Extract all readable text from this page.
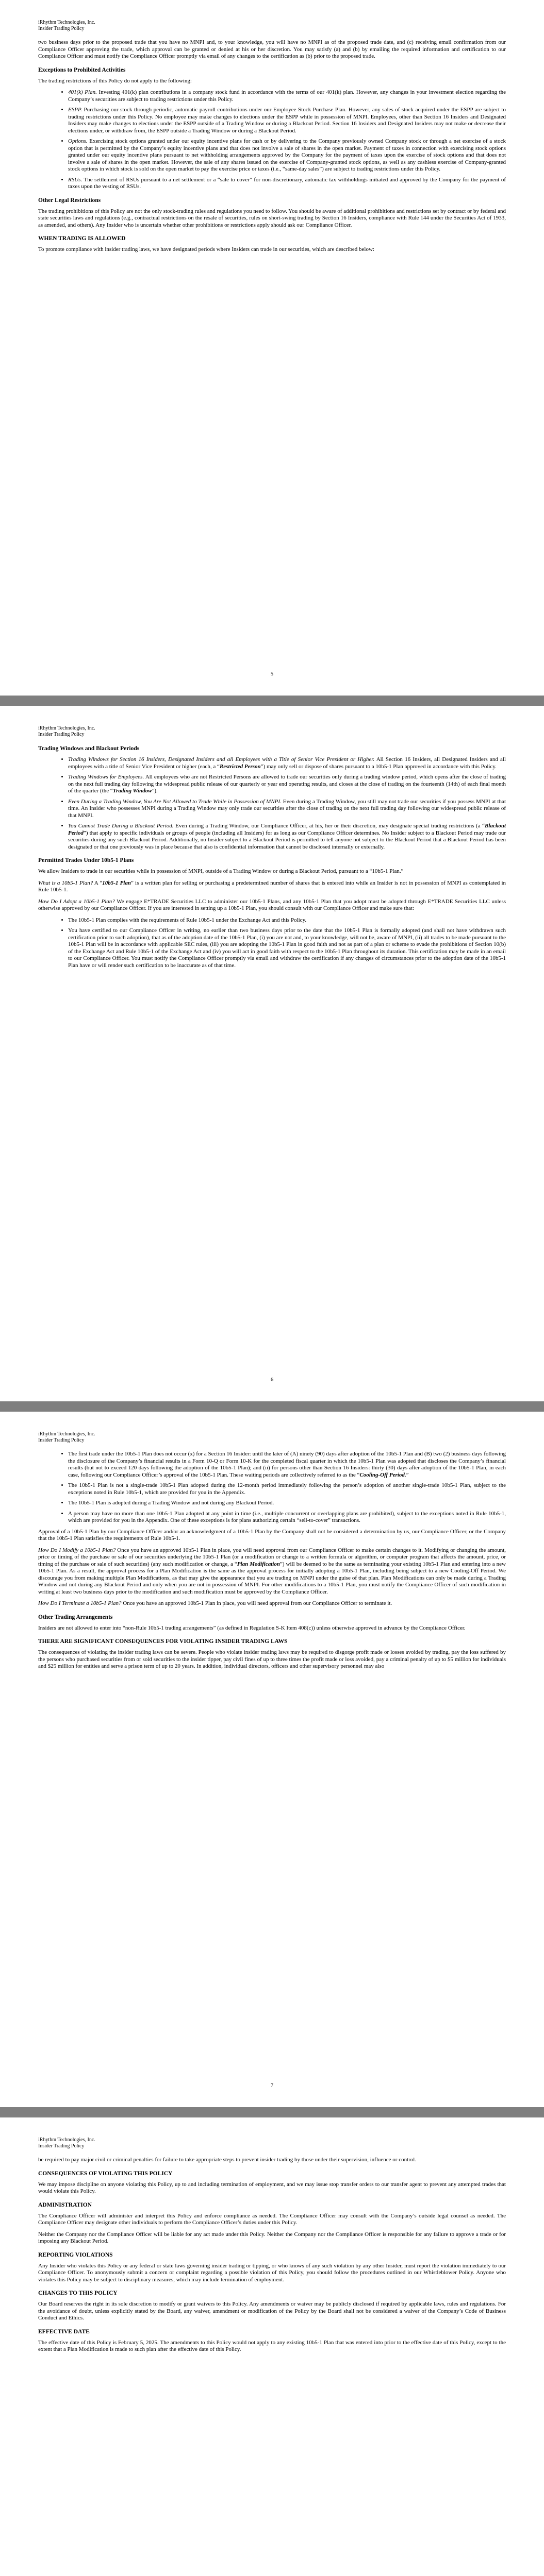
iRhythm Technologies, Inc.
Insider Trading Policy

two business days prior to the proposed trade that you have no MNPI and, to your knowledge, you will have no MNPI as of the proposed trade date, and (c) receiving email confirmation from our Compliance Officer approving the trade, which approval can be granted or denied at his or her discretion. You may satisfy (a) and (b) by emailing the required information and certification to our Compliance Officer and must notify the Compliance Officer promptly via email of any changes to the certification as (b) prior to the proposed trade.

Exceptions to Prohibited Activities

The trading restrictions of this Policy do not apply to the following:

• 401(k) Plan. Investing 401(k) plan contributions in a company stock fund in accordance with the terms of our 401(k) plan. However, any changes in your investment election regarding the Company’s securities are subject to trading restrictions under this Policy.
• ESPP. Purchasing our stock through periodic, automatic payroll contributions under our Employee Stock Purchase Plan. However, any sales of stock acquired under the ESPP are subject to trading restrictions under this Policy. No employee may make changes to elections under the ESPP while in possession of MNPI. Employees, other than Section 16 Insiders and Designated Insiders may make changes to elections under the ESPP outside of a Trading Window or during a Blackout Period. Section 16 Insiders and Designated Insiders may not make or decrease their elections under, or withdraw from, the ESPP outside a Trading Window or during a Blackout Period.
• Options. Exercising stock options granted under our equity incentive plans for cash or by delivering to the Company previously owned Company stock or through a net exercise of a stock option that is permitted by the Company’s equity incentive plans and that does not involve a sale of shares in the open market. Payment of taxes in connection with exercising stock options granted under our equity incentive plans pursuant to net withholding arrangements approved by the Company for the payment of taxes upon the exercise of stock options and that does not involve a sale of shares in the open market. However, the sale of any shares issued on the exercise of Company-granted stock options, as well as any cashless exercise of Company-granted stock options in which stock is sold on the open market to pay the exercise price or taxes (i.e., “same-day sales”) are subject to trading restrictions under this Policy.
• RSUs. The settlement of RSUs pursuant to a net settlement or a “sale to cover” for non-discretionary, automatic tax withholdings initiated and approved by the Company for the payment of taxes upon the vesting of RSUs.
Other Legal Restrictions

The trading prohibitions of this Policy are not the only stock-trading rules and regulations you need to follow. You should be aware of additional prohibitions and restrictions set by contract or by federal and state securities laws and regulations (e.g., contractual restrictions on the resale of securities, rules on short-swing trading by Section 16 Insiders, compliance with Rule 144 under the Securities Act of 1933, as amended, and others). Any Insider who is uncertain whether other prohibitions or restrictions apply should ask our Compliance Officer.

WHEN TRADING IS ALLOWED

To promote compliance with insider trading laws, we have designated periods where Insiders can trade in our securities, which are described below:

5
iRhythm Technologies, Inc.
Insider Trading Policy
Trading Windows and Blackout Periods
• Trading Windows for Section 16 Insiders, Designated Insiders and all Employees with a Title of Senior Vice President or Higher. All Section 16 Insiders, all Designated Insiders and all employees with a title of Senior Vice President or higher (each, a “Restricted Person”) may only sell or dispose of shares pursuant to a 10b5-1 Plan approved in accordance with this Policy.
• Trading Windows for Employees. All employees who are not Restricted Persons are allowed to trade our securities only during a trading window period, which opens after the close of trading on the next full trading day following the widespread public release of our quarterly or year end operating results, and closes at the close of trading on the fourteenth (14th) of each final month of the quarter (the “Trading Window”).
• Even During a Trading Window, You Are Not Allowed to Trade While in Possession of MNPI. Even during a Trading Window, you still may not trade our securities if you possess MNPI at that time. An Insider who possesses MNPI during a Trading Window may only trade our securities after the close of trading on the next full trading day following our widespread public release of that MNPI.
• You Cannot Trade During a Blackout Period. Even during a Trading Window, our Compliance Officer, at his, her or their discretion, may designate special trading restrictions (a “Blackout Period”) that apply to specific individuals or groups of people (including all Insiders) for as long as our Compliance Officer determines. No Insider subject to a Blackout Period may trade our securities during any such Blackout Period. Additionally, no Insider subject to a Blackout Period is permitted to tell anyone not subject to the Blackout Period that a Blackout Period has been designated or that one previously was in place because that also is confidential information that cannot be disclosed internally or externally.
Permitted Trades Under 10b5-1 Plans

We allow Insiders to trade in our securities while in possession of MNPI, outside of a Trading Window or during a Blackout Period, pursuant to a “10b5-1 Plan.”

What is a 10b5-1 Plan? A “10b5-1 Plan” is a written plan for selling or purchasing a predetermined number of shares that is entered into while an Insider is not in possession of MNPI as contemplated in Rule 10b5-1.

How Do I Adopt a 10b5-1 Plan? We engage E*TRADE Securities LLC to administer our 10b5-1 Plans, and any 10b5-1 Plan that you adopt must be adopted through E*TRADE Securities LLC unless otherwise approved by our Compliance Officer. If you are interested in setting up a 10b5-1 Plan, you should consult with our Compliance Officer and make sure that:

• The 10b5-1 Plan complies with the requirements of Rule 10b5-1 under the Exchange Act and this Policy.
• You have certified to our Compliance Officer in writing, no earlier than two business days prior to the date that the 10b5-1 Plan is formally adopted (and shall not have withdrawn such certification prior to such adoption), that as of the adoption date of the 10b5-1 Plan, (i) you are not and, to your knowledge, will not be, aware of MNPI, (ii) all trades to be made pursuant to the 10b5-1 Plan will be in accordance with applicable SEC rules, (iii) you are adopting the 10b5-1 Plan in good faith and not as part of a plan or scheme to evade the prohibitions of Section 10(b) of the Exchange Act and Rule 10b5-1 of the Exchange Act and (iv) you will act in good faith with respect to the 10b5-1 Plan throughout its duration. This certification may be made in an email to our Compliance Officer. You must notify the Compliance Officer promptly via email and withdraw the certification if any changes of circumstances prior to the adoption date of the 10b5-1 Plan have or will render such certification to be inaccurate as of that time.
6
iRhythm Technologies, Inc.
Insider Trading Policy
• The first trade under the 10b5-1 Plan does not occur (x) for a Section 16 Insider: until the later of (A) ninety (90) days after adoption of the 10b5-1 Plan and (B) two (2) business days following the disclosure of the Company’s financial results in a Form 10-Q or Form 10-K for the completed fiscal quarter in which the 10b5-1 Plan was adopted that discloses the Company’s financial results (but not to exceed 120 days following the adoption of the 10b5-1 Plan); and (ii) for persons other than Section 16 Insiders: thirty (30) days after adoption of the 10b5-1 Plan, in each case, following our Compliance Officer’s approval of the 10b5-1 Plan. These waiting periods are collectively referred to as the “Cooling-Off Period.”
• The 10b5-1 Plan is not a single-trade 10b5-1 Plan adopted during the 12-month period immediately following the person’s adoption of another single-trade 10b5-1 Plan, subject to the exceptions noted in Rule 10b5-1, which are provided for you in the Appendix.
• The 10b5-1 Plan is adopted during a Trading Window and not during any Blackout Period.
• A person may have no more than one 10b5-1 Plan adopted at any point in time (i.e., multiple concurrent or overlapping plans are prohibited), subject to the exceptions noted in Rule 10b5-1, which are provided for you in the Appendix. One of these exceptions is for plans authorizing certain “sell-to-cover” transactions.

Approval of a 10b5-1 Plan by our Compliance Officer and/or an acknowledgment of a 10b5-1 Plan by the Company shall not be considered a determination by us, our Compliance Officer, or the Company that the 10b5-1 Plan satisfies the requirements of Rule 10b5-1.

How Do I Modify a 10b5-1 Plan? Once you have an approved 10b5-1 Plan in place, you will need approval from our Compliance Officer to make certain changes to it. Modifying or changing the amount, price or timing of the purchase or sale of our securities underlying the 10b5-1 Plan (or a modification or change to a written formula or algorithm, or computer program that affects the amount, price, or timing of the purchase or sale of such securities) (any such modification or change, a “Plan Modification”) will be deemed to be the same as terminating your existing 10b5-1 Plan and entering into a new 10b5-1 Plan. As a result, the approval process for a Plan Modification is the same as the approval process for initially adopting a 10b5-1 Plan, including being subject to a new Cooling-Off Period. We discourage you from making multiple Plan Modifications, as that may give the appearance that you are trading on MNPI under the guise of that plan. Plan Modifications can only be made during a Trading Window and not during any Blackout Period and only when you are not in possession of MNPI. For other modifications to a 10b5-1 Plan, you must notify the Compliance Officer of such modification in writing at least two business days prior to the modification and such modification must be approved by the Compliance Officer.

How Do I Terminate a 10b5-1 Plan? Once you have an approved 10b5-1 Plan in place, you will need approval from our Compliance Officer to terminate it.

Other Trading Arrangements

Insiders are not allowed to enter into “non-Rule 10b5-1 trading arrangements” (as defined in Regulation S-K Item 408(c)) unless otherwise approved in advance by the Compliance Officer.

THERE ARE SIGNIFICANT CONSEQUENCES FOR VIOLATING INSIDER TRADING LAWS

The consequences of violating the insider trading laws can be severe. People who violate insider trading laws may be required to disgorge profit made or losses avoided by trading, pay the loss suffered by the persons who purchased securities from or sold securities to the insider tipper, pay civil fines of up to three times the profit made or loss avoided, pay a criminal penalty of up to $5 million for individuals and $25 million for entities and serve a prison term of up to 20 years. In addition, individual directors, officers and other supervisory personnel may also

7
iRhythm Technologies, Inc.
Insider Trading Policy

be required to pay major civil or criminal penalties for failure to take appropriate steps to prevent insider trading by those under their supervision, influence or control.

CONSEQUENCES OF VIOLATING THIS POLICY

We may impose discipline on anyone violating this Policy, up to and including termination of employment, and we may issue stop transfer orders to our transfer agent to prevent any attempted trades that would violate this Policy.

ADMINISTRATION

The Compliance Officer will administer and interpret this Policy and enforce compliance as needed. The Compliance Officer may consult with the Company’s outside legal counsel as needed. The Compliance Officer may designate other individuals to perform the Compliance Officer’s duties under this Policy.

Neither the Company nor the Compliance Officer will be liable for any act made under this Policy. Neither the Company nor the Compliance Officer is responsible for any failure to approve a trade or for imposing any Blackout Period.

REPORTING VIOLATIONS

Any Insider who violates this Policy or any federal or state laws governing insider trading or tipping, or who knows of any such violation by any other Insider, must report the violation immediately to our Compliance Officer. To anonymously submit a concern or complaint regarding a possible violation of this Policy, you should follow the procedures outlined in our Whistleblower Policy. Anyone who violates this Policy may be subject to disciplinary measures, which may include termination of employment.

CHANGES TO THIS POLICY

Our Board reserves the right in its sole discretion to modify or grant waivers to this Policy. Any amendments or waiver may be publicly disclosed if required by applicable laws, rules and regulations. For the avoidance of doubt, unless explicitly stated by the Board, any waiver, amendment or modification of the Policy by the Board shall not be considered a waiver of the Company’s Code of Business Conduct and Ethics.

EFFECTIVE DATE

The effective date of this Policy is February 5, 2025. The amendments to this Policy would not apply to any existing 10b5-1 Plan that was entered into prior to the effective date of this Policy, except to the extent that a Plan Modification is made to such plan after the effective date of this Policy.
